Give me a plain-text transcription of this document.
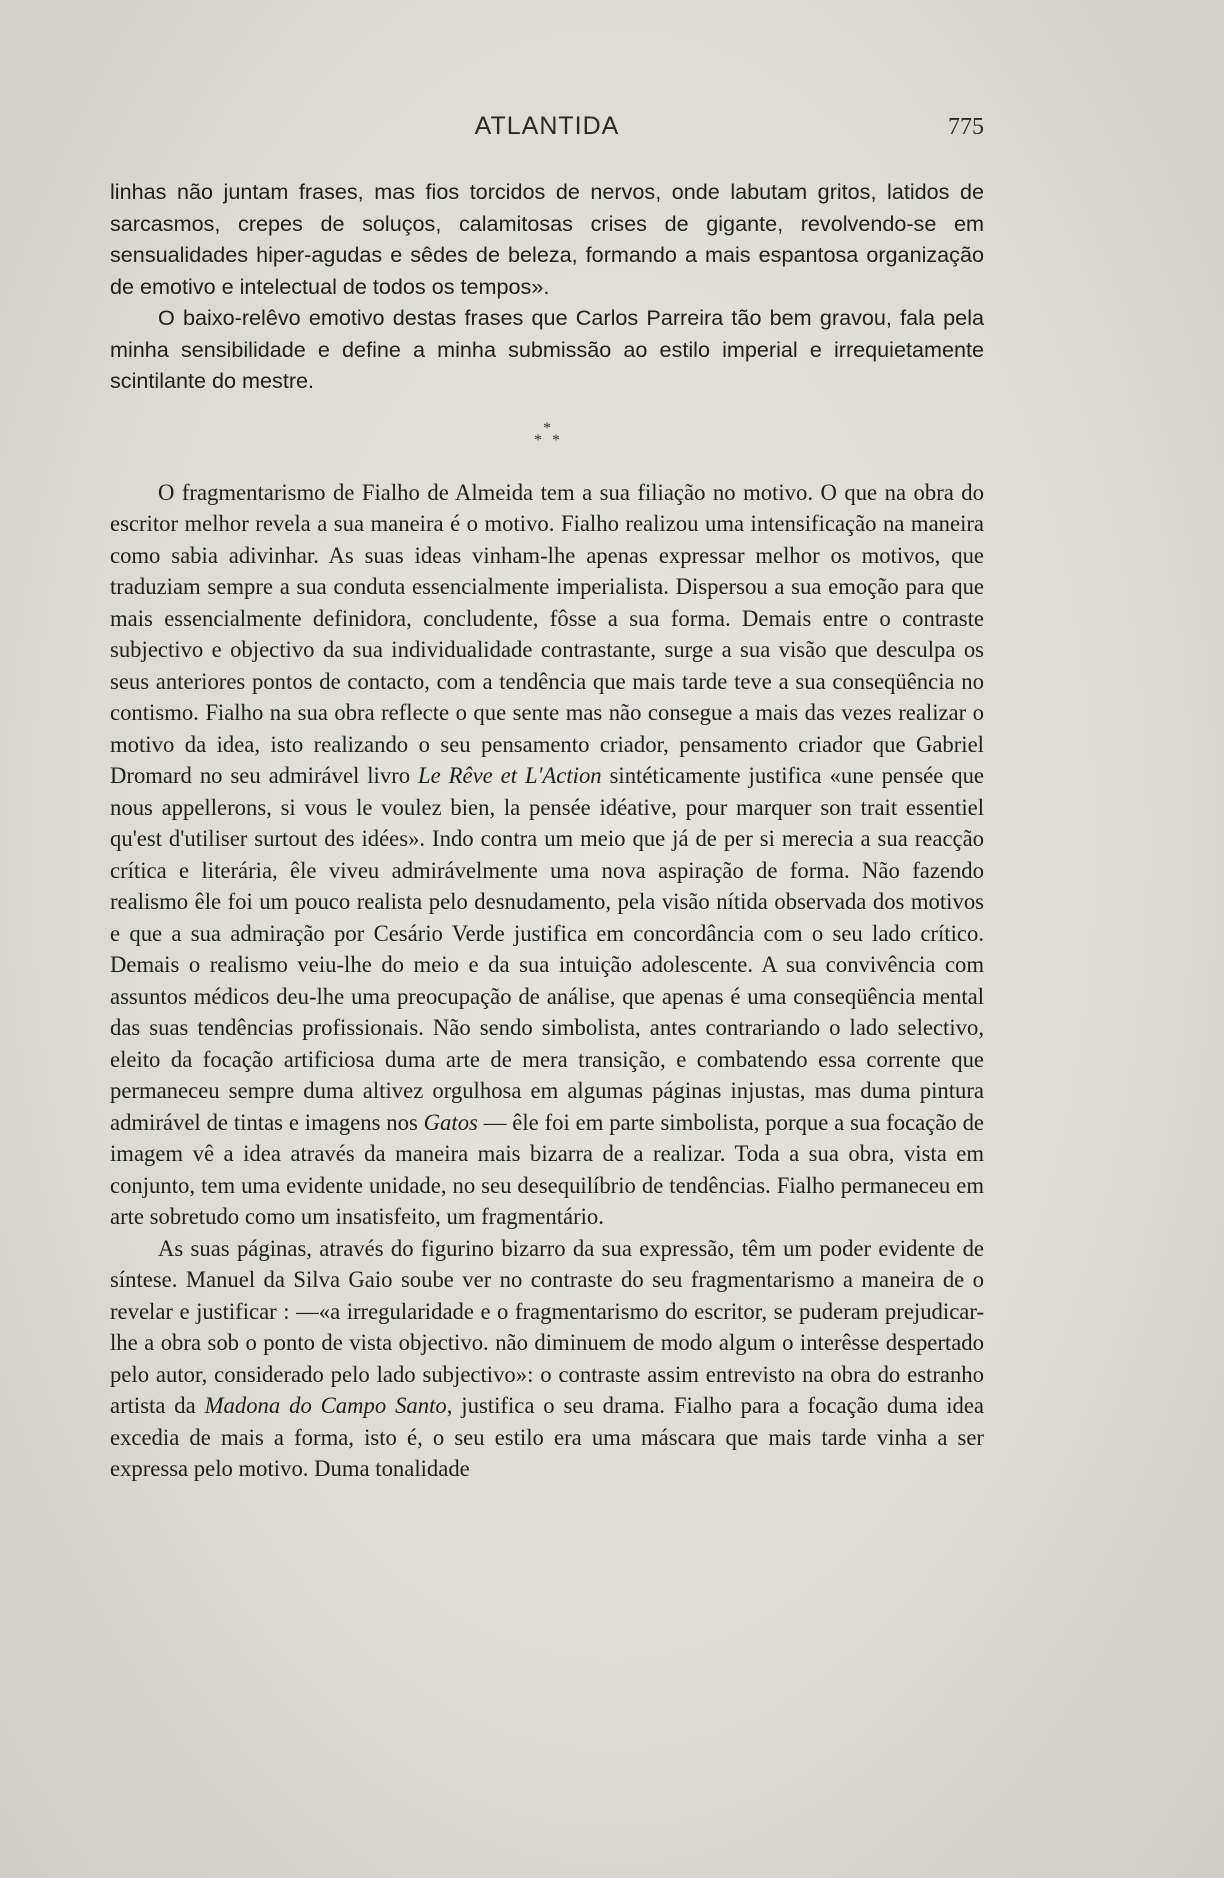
ATLANTIDA	775

linhas não juntam frases, mas fios torcidos de nervos, onde labutam gritos, latidos de sarcasmos, crepes de soluços, calamitosas crises de gigante, revolvendo-se em sensualidades hiper-agudas e sêdes de beleza, formando a mais espantosa organização de emotivo e intelectual de todos os tempos».

O baixo-relêvo emotivo destas frases que Carlos Parreira tão bem gravou, fala pela minha sensibilidade e define a minha submissão ao estilo imperial e irrequietamente scintilante do mestre.

*
* *

O fragmentarismo de Fialho de Almeida tem a sua filiação no motivo. O que na obra do escritor melhor revela a sua maneira é o motivo. Fialho realizou uma intensificação na maneira como sabia adivinhar. As suas ideas vinham-lhe apenas expressar melhor os motivos, que traduziam sempre a sua conduta essencialmente imperialista. Dispersou a sua emoção para que mais essencialmente definidora, concludente, fôsse a sua forma. Demais entre o contraste subjectivo e objectivo da sua individualidade contrastante, surge a sua visão que desculpa os seus anteriores pontos de contacto, com a tendência que mais tarde teve a sua conseqüência no contismo. Fialho na sua obra reflecte o que sente mas não consegue a mais das vezes realizar o motivo da idea, isto realizando o seu pensamento criador, pensamento criador que Gabriel Dromard no seu admirável livro Le Rêve et L'Action sintéticamente justifica «une pensée que nous appellerons, si vous le voulez bien, la pensée idéative, pour marquer son trait essentiel qu'est d'utiliser surtout des idées». Indo contra um meio que já de per si merecia a sua reacção crítica e literária, êle viveu admirávelmente uma nova aspiração de forma. Não fazendo realismo êle foi um pouco realista pelo desnudamento, pela visão nítida observada dos motivos e que a sua admiração por Cesário Verde justifica em concordância com o seu lado crítico. Demais o realismo veiu-lhe do meio e da sua intuição adolescente. A sua convivência com assuntos médicos deu-lhe uma preocupação de análise, que apenas é uma conseqüência mental das suas tendências profissionais. Não sendo simbolista, antes contrariando o lado selectivo, eleito da focação artificiosa duma arte de mera transição, e combatendo essa corrente que permaneceu sempre duma altivez orgulhosa em algumas páginas injustas, mas duma pintura admirável de tintas e imagens nos Gatos — êle foi em parte simbolista, porque a sua focação de imagem vê a idea através da maneira mais bizarra de a realizar. Toda a sua obra, vista em conjunto, tem uma evidente unidade, no seu desequilíbrio de tendências. Fialho permaneceu em arte sobretudo como um insatisfeito, um fragmentário.

As suas páginas, através do figurino bizarro da sua expressão, têm um poder evidente de síntese. Manuel da Silva Gaio soube ver no contraste do seu fragmentarismo a maneira de o revelar e justificar : —«a irregularidade e o fragmentarismo do escritor, se puderam prejudicar-lhe a obra sob o ponto de vista objectivo. não diminuem de modo algum o interêsse despertado pelo autor, considerado pelo lado subjectivo»: o contraste assim entrevisto na obra do estranho artista da Madona do Campo Santo, justifica o seu drama. Fialho para a focação duma idea excedia de mais a forma, isto é, o seu estilo era uma máscara que mais tarde vinha a ser expressa pelo motivo. Duma tonalidade
